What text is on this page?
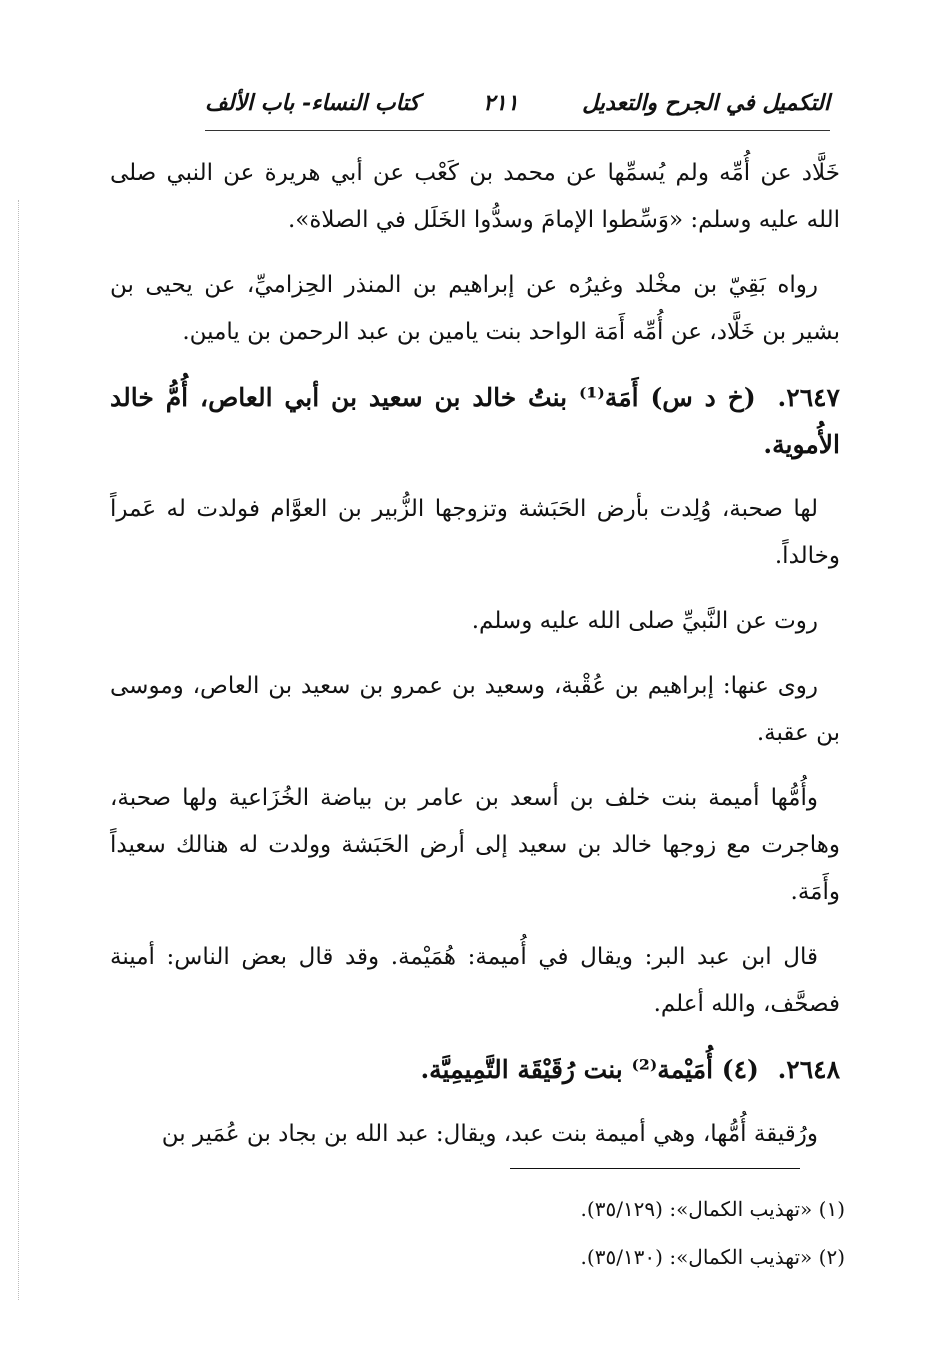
التكميل في الجرح والتعديل
٢١١
كتاب النساء- باب الألف

خَلَّاد عن أُمِّه ولم يُسمِّها عن محمد بن كَعْب عن أبي هريرة عن النبي صلى الله عليه وسلم: «وَسِّطوا الإمامَ وسدُّوا الخَلَل في الصلاة».

رواه بَقِيّ بن مخْلد وغيرُه عن إبراهيم بن المنذر الحِزاميِّ، عن يحيى بن بشير بن خَلَّاد، عن أُمِّه أَمَة الواحد بنت يامين بن عبد الرحمن بن يامين.

٢٦٤٧. (خ د س) أَمَة⁽¹⁾ بنتُ خالد بن سعيد بن أبي العاص، أُمُّ خالد الأُموية.

لها صحبة، وُلِدت بأرض الحَبَشة وتزوجها الزُّبير بن العوَّام فولدت له عَمراً وخالداً.

روت عن النَّبيِّ صلى الله عليه وسلم.

روى عنها: إبراهيم بن عُقْبة، وسعيد بن عمرو بن سعيد بن العاص، وموسى بن عقبة.

وأُمُّها أميمة بنت خلف بن أسعد بن عامر بن بياضة الخُزَاعية ولها صحبة، وهاجرت مع زوجها خالد بن سعيد إلى أرض الحَبَشة وولدت له هنالك سعيداً وأَمَة.

قال ابن عبد البر: ويقال في أُميمة: هُمَيْمة. وقد قال بعض الناس: أمينة فصحَّف، والله أعلم.

٢٦٤٨. (٤) أُمَيْمة⁽²⁾ بنت رُقَيْقَة التَّمِيمِيَّة.

ورُقيقة أُمُّها، وهي أميمة بنت عبد، ويقال: عبد الله بن بجاد بن عُمَير بن

(١) «تهذيب الكمال»: (٣٥/١٢٩).
(٢) «تهذيب الكمال»: (٣٥/١٣٠).
